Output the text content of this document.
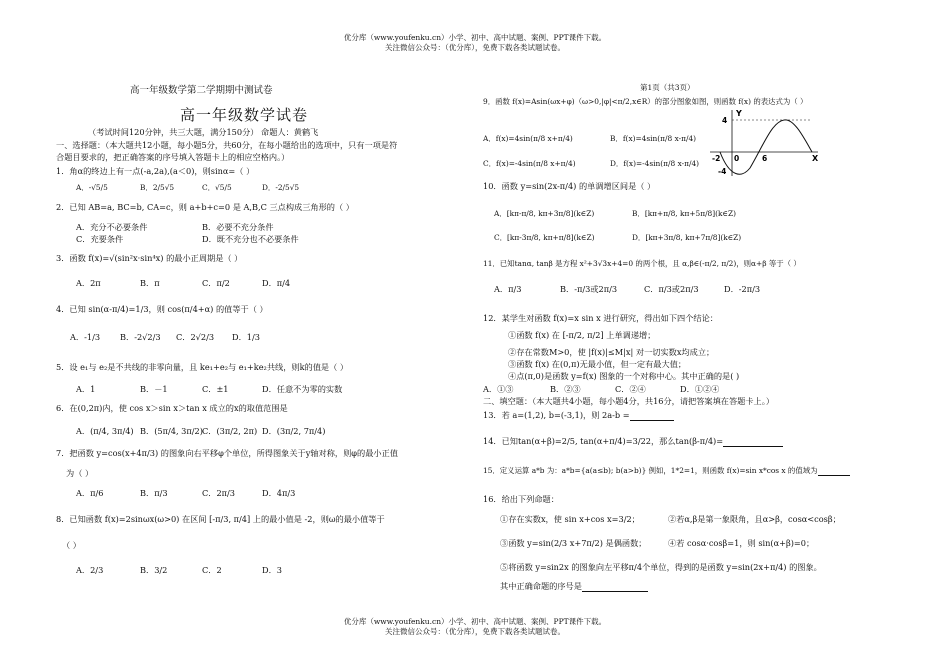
优分库（www.youfenku.cn）小学、初中、高中试题、案例、PPT课件下载。
关注微信公众号：（优分库），免费下载各类试题试卷。
第1页（共3页）
高一年级数学第二学期期中测试卷
高一年级数学试卷
（考试时间120分钟，共三大题，满分150分） 命题人：黄鹤飞
一、选择题：（本大题共12小题，每小题5分，共60分，在每小题给出的选项中，只有一项是符
合题目要求的，把正确答案的序号填入答题卡上的相应空格内。）
1．角α的终边上有一点(-a,2a),(a＜0)，则sinα=（ ）
A．-√5/5	B．2/5√5	C．√5/5	D．-2/5√5
2．已知 AB=a, BC=b, CA=c，则 a+b+c=0 是 A,B,C 三点构成三角形的（ ）
A．充分不必要条件	B．必要不充分条件
C．充要条件	D．既不充分也不必要条件
3．函数 f(x)=√(sin²x·sin⁴x) 的最小正周期是（ ）
A．2π	B．π	C．π/2	D．π/4
4．已知 sin(α-π/4)=1/3，则 cos(π/4+α) 的值等于（ ）
A．-1/3 B．-2√2/3 C．2√2/3 D．1/3
5．设 e₁与 e₂是不共线的非零向量，且 ke₁+e₂与 e₁+ke₂共线，则k的值是（ ）
A．1	B．－1	C．±1	D．任意不为零的实数
6．在(0,2π)内，使 cos x＞sin x＞tan x 成立的x的取值范围是
A．(π/4, 3π/4) B．(5π/4, 3π/2) C．(3π/2, 2π) D．(3π/2, 7π/4)
7．把函数 y=cos(x+4π/3) 的图象向右平移φ个单位，所得图象关于y轴对称，则φ的最小正值
为（ ）
A．π/6	B．π/3	C．2π/3	D．4π/3
8．已知函数 f(x)=2sinωx(ω>0) 在区间 [-π/3, π/4] 上的最小值是 -2，则ω的最小值等于
（ ）
A．2/3	B．3/2	C．2	D．3
9．函数 f(x)=Asin(ωx+φ)（ω>0,|φ|<π/2,x∈R）的部分图象如图，则函数 f(x) 的表达式为（ ）
A．f(x)=4sin(π/8 x+π/4)	B．f(x)=4sin(π/8 x-π/4)
C．f(x)=-4sin(π/8 x+π/4)	D．f(x)=-4sin(π/8 x-π/4)
Y
X
4
-4
0
-2	6
10．函数 y=sin(2x-π/4) 的单调增区间是（ ）
A．[kπ-π/8, kπ+3π/8](k∈Z)	B．[kπ+π/8, kπ+5π/8](k∈Z)
C．[kπ-3π/8, kπ+π/8](k∈Z)	D．[kπ+3π/8, kπ+7π/8](k∈Z)
11．已知tanα, tanβ 是方程 x²+3√3x+4=0 的两个根，且 α,β∈(-π/2, π/2)，则α+β 等于（ ）
A．π/3	B．-π/3或2π/3	C．π/3或2π/3	D．-2π/3
12．某学生对函数 f(x)=x sin x 进行研究，得出如下四个结论：
①函数 f(x) 在 [-π/2, π/2] 上单调递增；
②存在常数M>0，使 |f(x)|≤M|x| 对一切实数x均成立；
③函数 f(x) 在(0,π)无最小值，但一定有最大值；
④点(π,0)是函数 y=f(x) 图象的一个对称中心。其中正确的是( )
A．①③	B．②③	C．②④	D．①②④
二、填空题：（本大题共4小题，每小题4分，共16分，请把答案填在答题卡上。）
13．若 a=(1,2), b=(-3,1)，则 2a-b =
14．已知tan(α+β)=2/5, tan(α+π/4)=3/22，那么tan(β-π/4)=
15．定义运算 a*b 为：a*b={a(a≤b); b(a>b)} 例如，1*2=1，则函数 f(x)=sin x*cos x 的值域为
16．给出下列命题：
①存在实数x，使 sin x+cos x=3/2；	②若α,β是第一象限角，且α>β，cosα<cosβ；
③函数 y=sin(2/3 x+7π/2) 是偶函数；	④若 cosα·cosβ=1，则 sin(α+β)=0；
⑤将函数 y=sin2x 的图象向左平移π/4个单位，得到的是函数 y=sin(2x+π/4) 的图象。
其中正确命题的序号是
优分库（www.youfenku.cn）小学、初中、高中试题、案例、PPT课件下载。
关注微信公众号：（优分库），免费下载各类试题试卷。
